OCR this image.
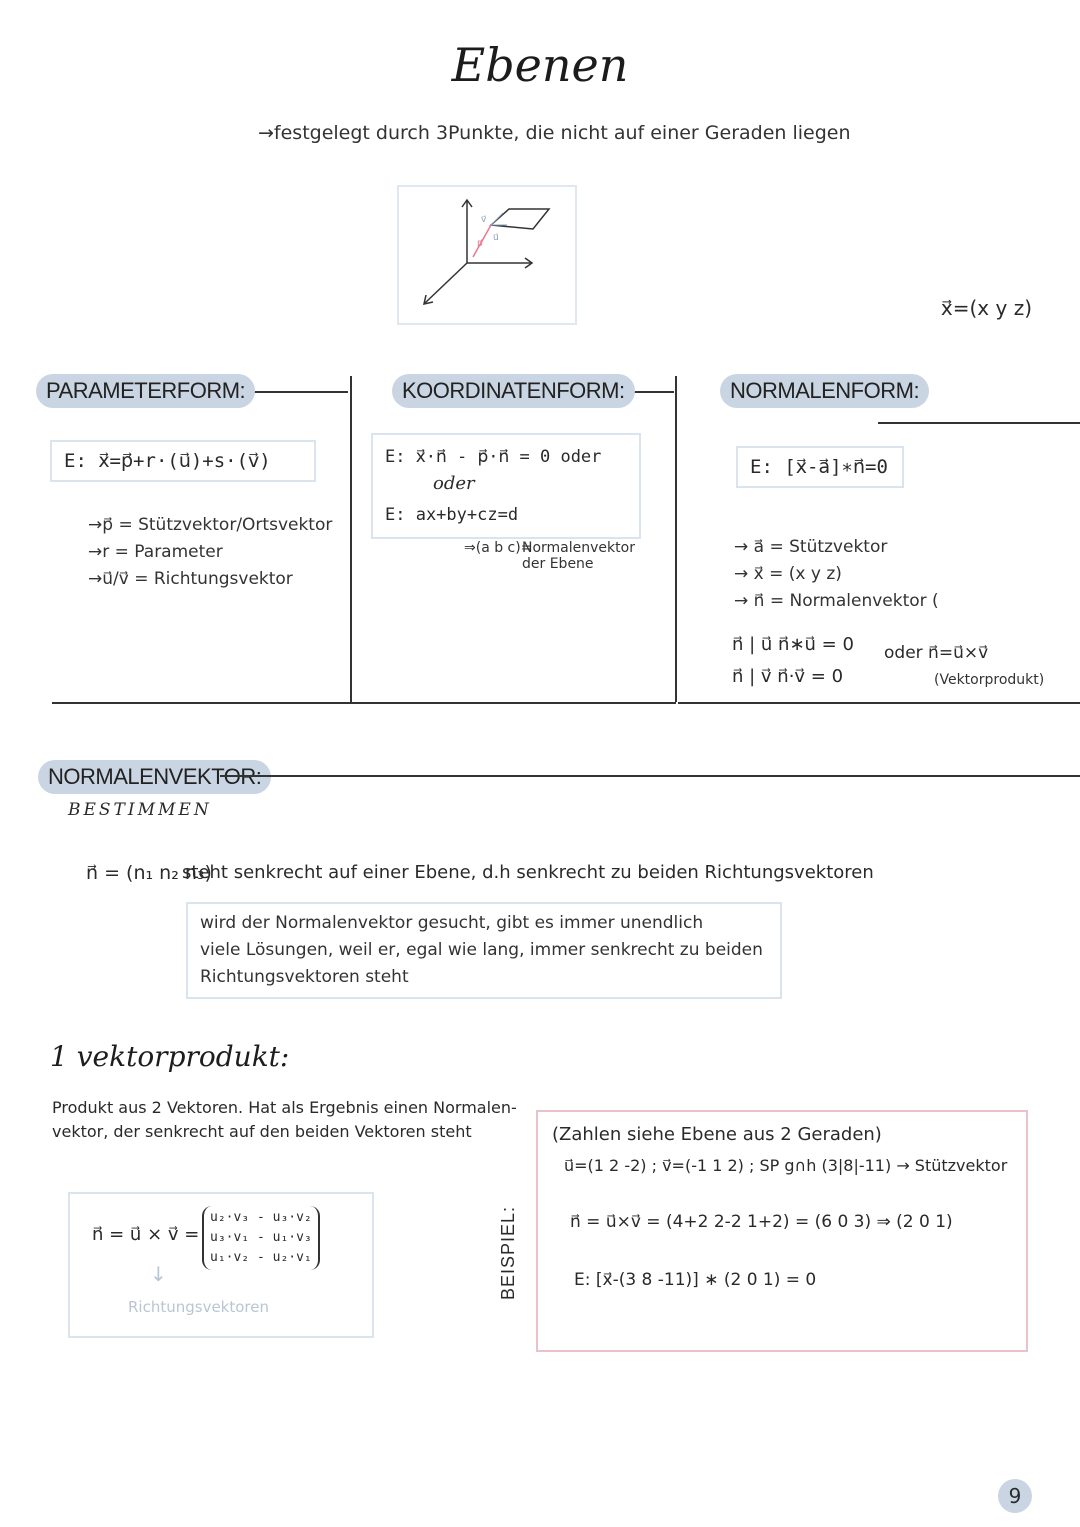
Ebenen
→festgelegt durch 3Punkte, die nicht auf einer Geraden liegen
v⃗
p⃗
u⃗
x⃗=(x y z)
PARAMETERFORM:
E: x⃗=p⃗+r·(u⃗)+s·(v⃗)
→p⃗ = Stützvektor/Ortsvektor
→r = Parameter
→u⃗/v⃗ = Richtungsvektor
KOORDINATENFORM:
E: x⃗·n⃗ - p⃗·n⃗ = 0 oder
oder
E: ax+by+cz=d
⇒(a b c)=
Normalenvektor der Ebene
NORMALENFORM:
E: [x⃗-a⃗]∗n⃗=0
→ a⃗ = Stützvektor
→ x⃗ = (x y z)
→ n⃗ = Normalenvektor (
n⃗ | u⃗ n⃗∗u⃗ = 0
n⃗ | v⃗ n⃗·v⃗ = 0
oder n⃗=u⃗×v⃗
(Vektorprodukt)
NORMALENVEKTOR:
BESTIMMEN
n⃗ = (n₁ n₂ n₃)
steht senkrecht auf einer Ebene, d.h senkrecht zu beiden Richtungsvektoren
wird der Normalenvektor gesucht, gibt es immer unendlich
viele Lösungen, weil er, egal wie lang, immer senkrecht zu beiden
Richtungsvektoren steht
1 vektorprodukt:
Produkt aus 2 Vektoren. Hat als Ergebnis einen Normalen-
vektor, der senkrecht auf den beiden Vektoren steht
n⃗ = u⃗ × v⃗ =
u₂·v₃ - u₃·v₂
u₃·v₁ - u₁·v₃
u₁·v₂ - u₂·v₁
↓
Richtungsvektoren
BEISPIEL:
(Zahlen siehe Ebene aus 2 Geraden)
u⃗=(1 2 -2) ; v⃗=(-1 1 2) ; SP g∩h (3|8|-11) → Stützvektor
n⃗ = u⃗×v⃗ = (4+2 2-2 1+2) = (6 0 3) ⇒ (2 0 1)
E: [x⃗-(3 8 -11)] ∗ (2 0 1) = 0
9
